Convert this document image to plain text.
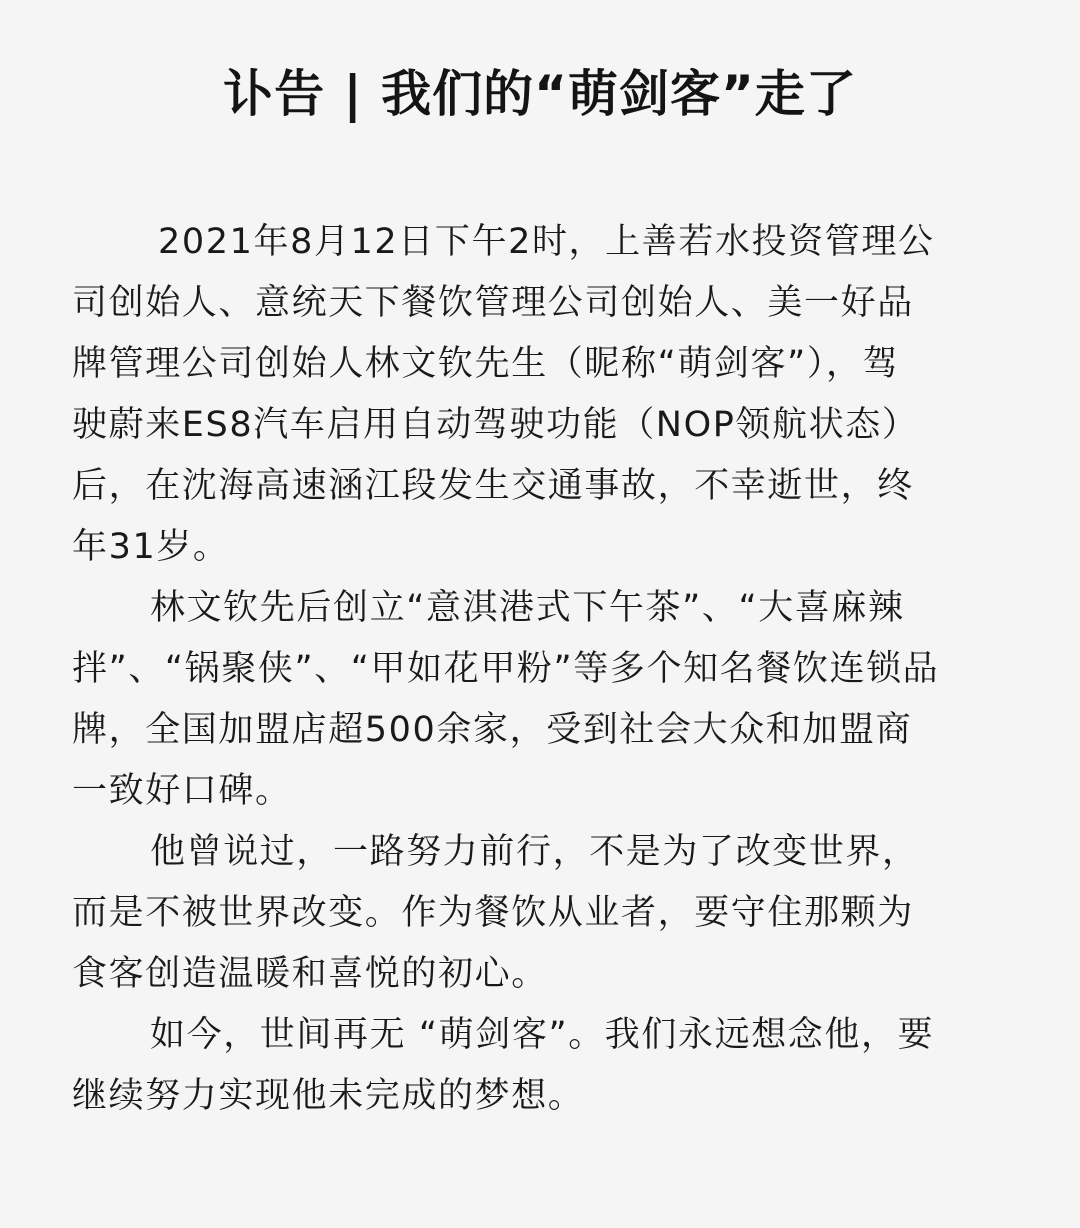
讣告 | 我们的“萌剑客”走了

2021年8月12日下午2时，上善若水投资管理公
司创始人、意统天下餐饮管理公司创始人、美一好品
牌管理公司创始人林文钦先生（昵称“萌剑客”），驾
驶蔚来ES8汽车启用自动驾驶功能（NOP领航状态）
后，在沈海高速涵江段发生交通事故，不幸逝世，终
年31岁。

林文钦先后创立“意淇港式下午茶”、“大喜麻辣
拌”、“锅聚侠”、“甲如花甲粉”等多个知名餐饮连锁品
牌，全国加盟店超500余家，受到社会大众和加盟商
一致好口碑。

他曾说过，一路努力前行，不是为了改变世界，
而是不被世界改变。作为餐饮从业者，要守住那颗为
食客创造温暖和喜悦的初心。

如今，世间再无 “萌剑客”。我们永远想念他，要
继续努力实现他未完成的梦想。
